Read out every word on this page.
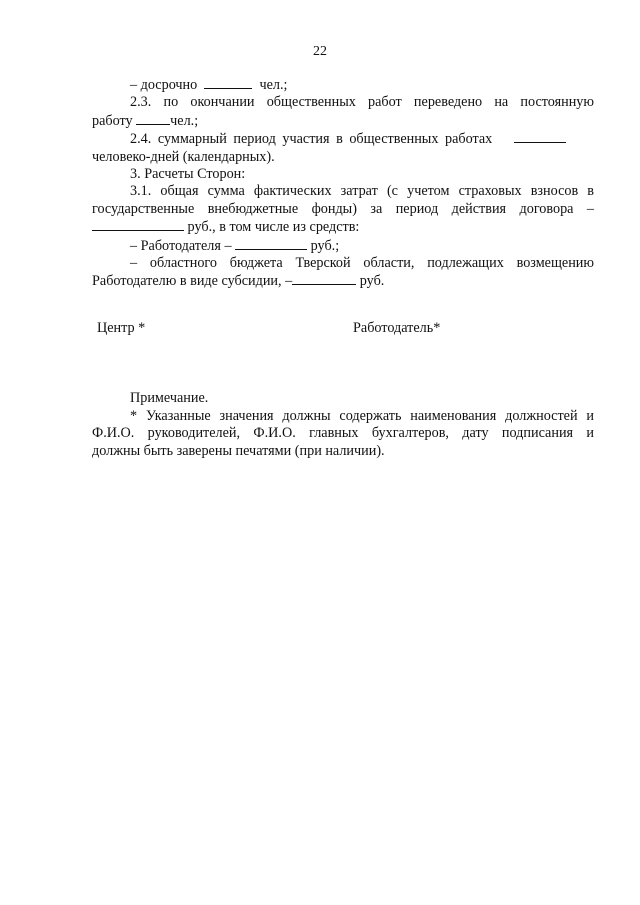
22
– досрочно	чел.;
2.3. по окончании общественных работ переведено на постоянную
работу	чел.;
2.4. суммарный период участия в общественных работах
человеко-дней (календарных).
3. Расчеты Сторон:
3.1. общая сумма фактических затрат (с учетом страховых взносов в
государственные внебюджетные фонды) за период действия договора –
руб., в том числе из средств:
– Работодателя –	руб.;
– областного бюджета Тверской области, подлежащих возмещению
Работодателю в виде субсидии, –	руб.
Центр *	Работодатель*
Примечание.
* Указанные значения должны содержать наименования должностей и
Ф.И.О. руководителей, Ф.И.О. главных бухгалтеров, дату подписания и
должны быть заверены печатями (при наличии).
